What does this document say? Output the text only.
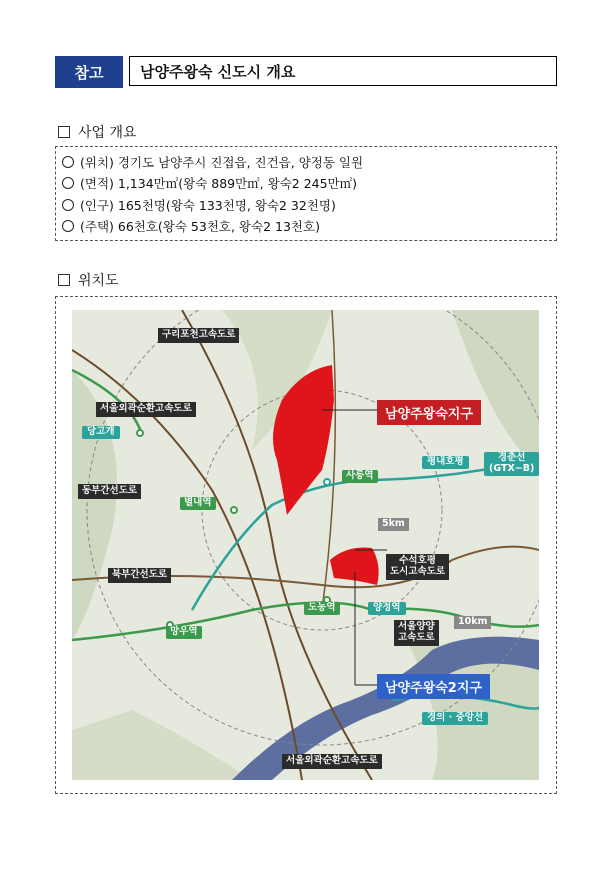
참고	남양주왕숙 신도시 개요
사업 개요
(위치) 경기도 남양주시 진접읍, 진건읍, 양정동 일원
(면적) 1,134만㎡(왕숙 889만㎡, 왕숙2 245만㎡)
(인구) 165천명(왕숙 133천명, 왕숙2 32천명)
(주택) 66천호(왕숙 53천호, 왕숙2 13천호)
위치도
구리포천고속도로
서울외곽순환고속도로
당고개
동부간선도로
별내역
북부간선도로
망우역
남양주왕숙지구
사릉역
평내호평	경춘선
(GTX−B)
5km
수석호평
도시고속도로
도농역	양정역
서울양양
고속도로
10km
남양주왕숙2지구
경의 · 중앙선
서울외곽순환고속도로
